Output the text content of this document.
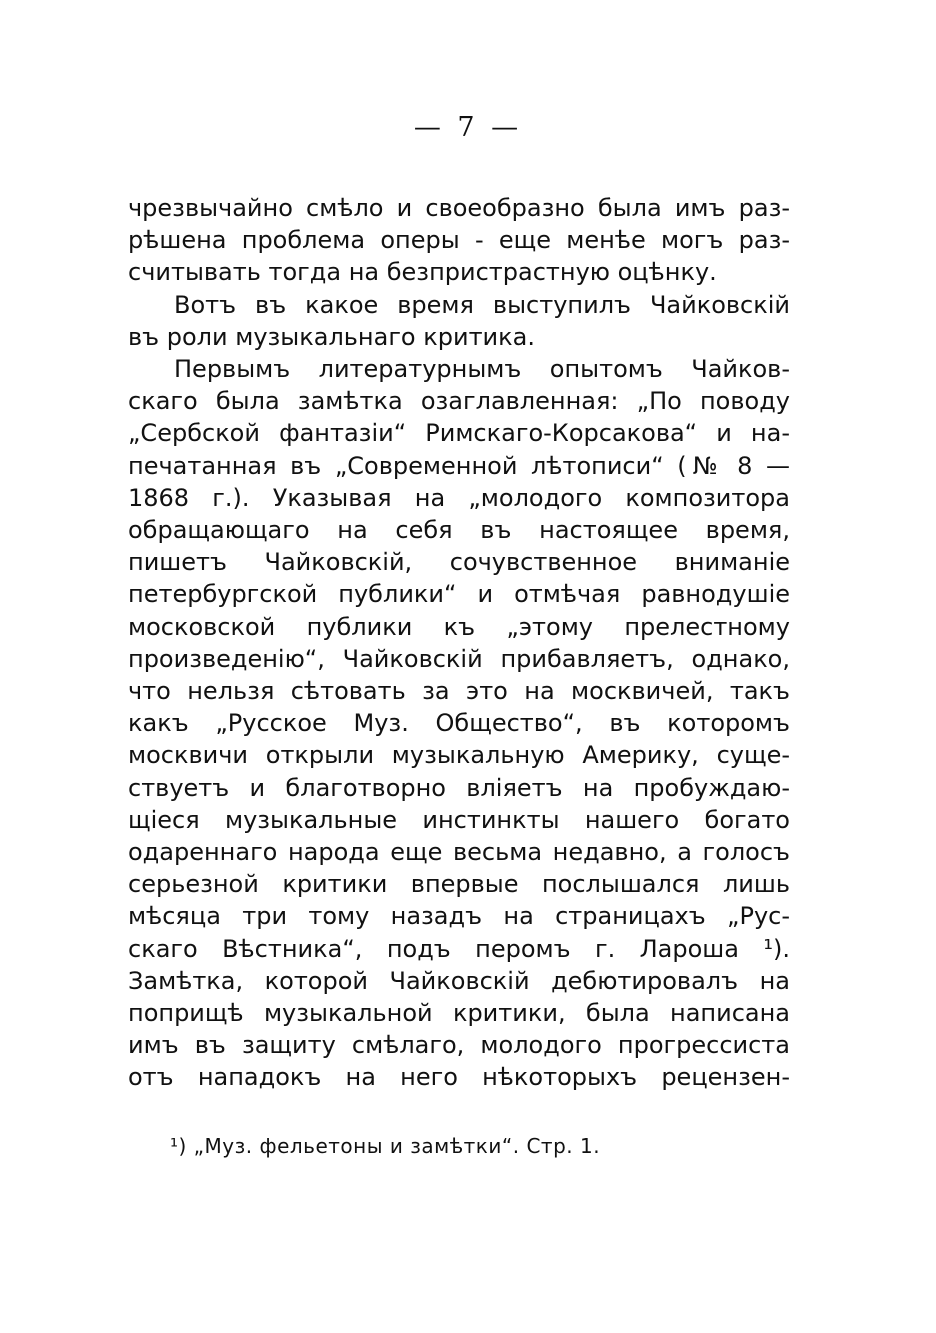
— 7 —
чрезвычайно смѣло и своеобразно была имъ раз-
рѣшена проблема оперы - еще менѣе могъ раз-
считывать тогда на безпристрастную оцѣнку.
Вотъ въ какое время выступилъ Чайковскій
въ роли музыкальнаго критика.
Первымъ литературнымъ опытомъ Чайков-
скаго была замѣтка озаглавленная: „По поводу
„Сербской фантазіи“ Римскаго-Корсакова“ и на-
печатанная въ „Современной лѣтописи“ (№ 8 —
1868 г.). Указывая на „молодого композитора
обращающаго на себя въ настоящее время,
пишетъ Чайковскій, сочувственное вниманіе
петербургской публики“ и отмѣчая равнодушіе
московской публики къ „этому прелестному
произведенію“, Чайковскій прибавляетъ, однако,
что нельзя сѣтовать за это на москвичей, такъ
какъ „Русское Муз. Общество“, въ которомъ
москвичи открыли музыкальную Америку, суще-
ствуетъ и благотворно вліяетъ на пробуждаю-
щіеся музыкальные инстинкты нашего богато
одареннаго народа еще весьма недавно, а голосъ
серьезной критики впервые послышался лишь
мѣсяца три тому назадъ на страницахъ „Рус-
скаго Вѣстника“, подъ перомъ г. Лароша ¹).
Замѣтка, которой Чайковскій дебютировалъ на
поприщѣ музыкальной критики, была написана
имъ въ защиту смѣлаго, молодого прогрессиста
отъ нападокъ на него нѣкоторыхъ рецензен-
¹) „Муз. фельетоны и замѣтки“. Стр. 1.
